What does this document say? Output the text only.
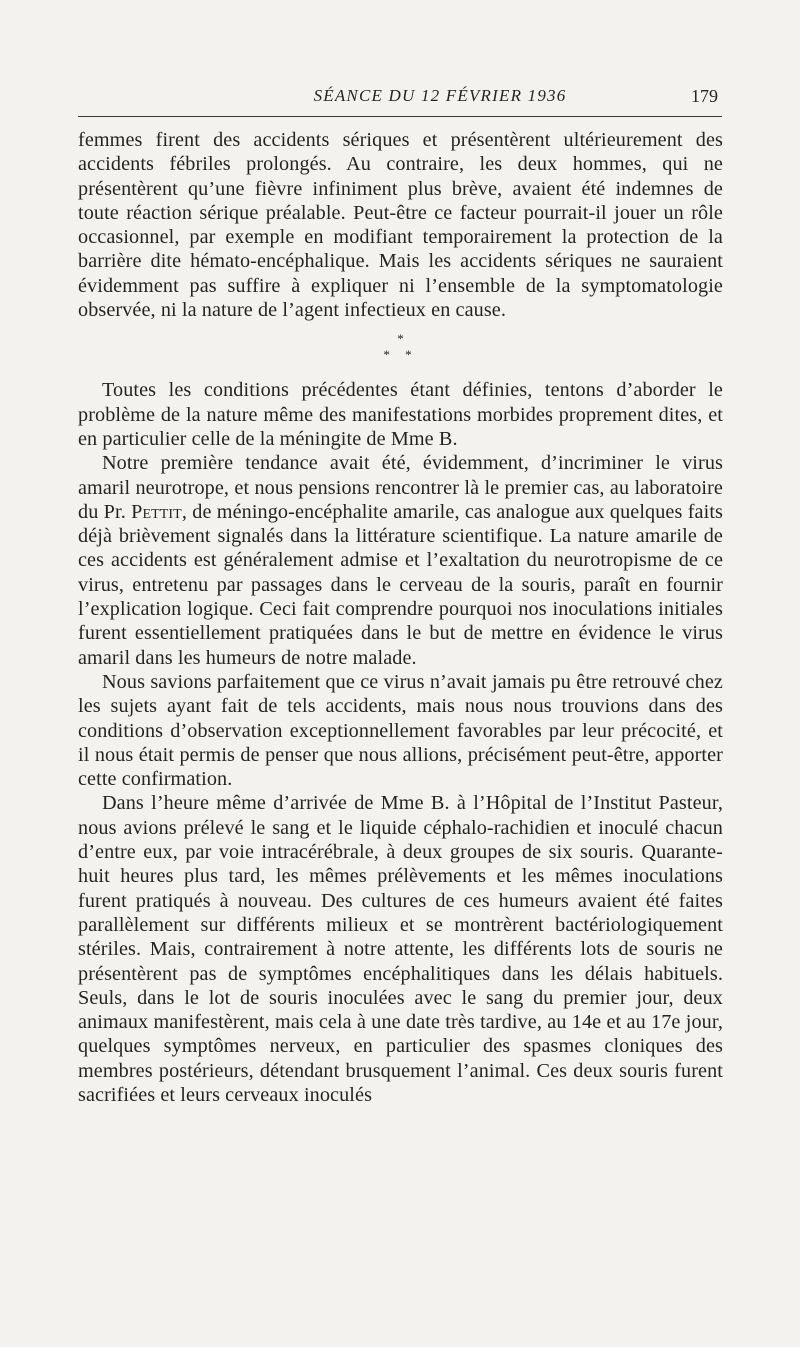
SÉANCE DU 12 FÉVRIER 1936	179

femmes firent des accidents sériques et présentèrent ultérieurement des accidents fébriles prolongés. Au contraire, les deux hommes, qui ne présentèrent qu’une fièvre infiniment plus brève, avaient été indemnes de toute réaction sérique préalable. Peut-être ce facteur pourrait-il jouer un rôle occasionnel, par exemple en modifiant temporairement la protection de la barrière dite hémato-encéphalique. Mais les accidents sériques ne sauraient évidemment pas suffire à expliquer ni l’ensemble de la symptomatologie observée, ni la nature de l’agent infectieux en cause.

*
* *

Toutes les conditions précédentes étant définies, tentons d’aborder le problème de la nature même des manifestations morbides proprement dites, et en particulier celle de la méningite de Mme B.

Notre première tendance avait été, évidemment, d’incriminer le virus amaril neurotrope, et nous pensions rencontrer là le premier cas, au laboratoire du Pr. Pettit, de méningo-encéphalite amarile, cas analogue aux quelques faits déjà brièvement signalés dans la littérature scientifique. La nature amarile de ces accidents est généralement admise et l’exaltation du neurotropisme de ce virus, entretenu par passages dans le cerveau de la souris, paraît en fournir l’explication logique. Ceci fait comprendre pourquoi nos inoculations initiales furent essentiellement pratiquées dans le but de mettre en évidence le virus amaril dans les humeurs de notre malade.

Nous savions parfaitement que ce virus n’avait jamais pu être retrouvé chez les sujets ayant fait de tels accidents, mais nous nous trouvions dans des conditions d’observation exceptionnellement favorables par leur précocité, et il nous était permis de penser que nous allions, précisément peut-être, apporter cette confirmation.

Dans l’heure même d’arrivée de Mme B. à l’Hôpital de l’Institut Pasteur, nous avions prélevé le sang et le liquide céphalo-rachidien et inoculé chacun d’entre eux, par voie intracérébrale, à deux groupes de six souris. Quarante-huit heures plus tard, les mêmes prélèvements et les mêmes inoculations furent pratiqués à nouveau. Des cultures de ces humeurs avaient été faites parallèlement sur différents milieux et se montrèrent bactériologiquement stériles. Mais, contrairement à notre attente, les différents lots de souris ne présentèrent pas de symptômes encéphalitiques dans les délais habituels. Seuls, dans le lot de souris inoculées avec le sang du premier jour, deux animaux manifestèrent, mais cela à une date très tardive, au 14e et au 17e jour, quelques symptômes nerveux, en particulier des spasmes cloniques des membres postérieurs, détendant brusquement l’animal. Ces deux souris furent sacrifiées et leurs cerveaux inoculés
